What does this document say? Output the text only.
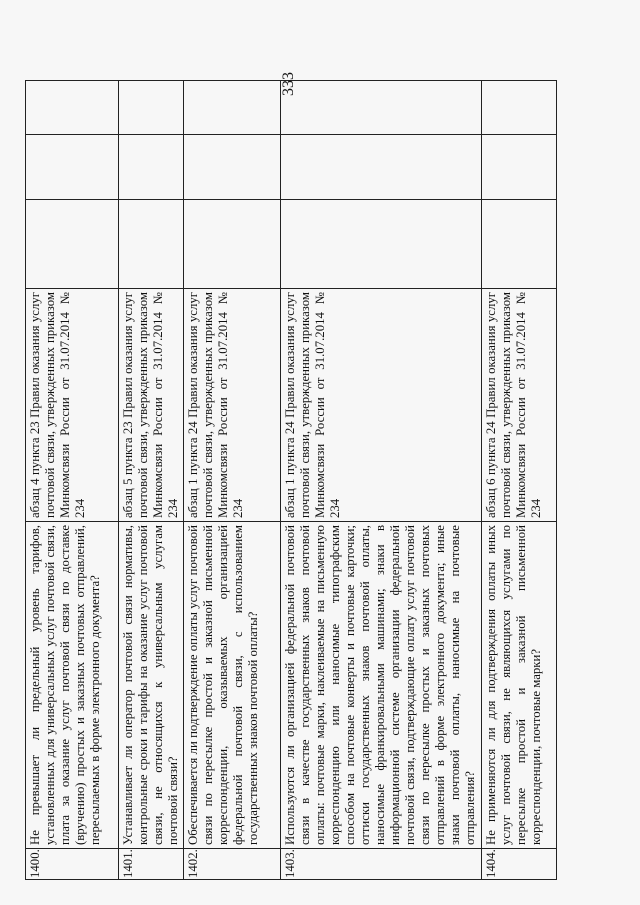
1400.	Не превышает ли предельный уровень тарифов, установленных для универсальных услуг почтовой связи, плата за оказание услуг почтовой связи по доставке (вручению) простых и заказных почтовых отправлений, пересылаемых в форме электронного документа?	абзац 4 пункта 23 Правил оказания услуг почтовой связи, утвержденных приказом Минкомсвязи России от 31.07.2014 № 234			
1401.	Устанавливает ли оператор почтовой связи нормативы, контрольные сроки и тарифы на оказание услуг почтовой связи, не относящихся к универсальным услугам почтовой связи?	абзац 5 пункта 23 Правил оказания услуг почтовой связи, утвержденных приказом Минкомсвязи России от 31.07.2014 № 234			
1402.	Обеспечивается ли подтверждение оплаты услуг почтовой связи по пересылке простой и заказной письменной корреспонденции, оказываемых организацией федеральной почтовой связи, с использованием государственных знаков почтовой оплаты?	абзац 1 пункта 24 Правил оказания услуг почтовой связи, утвержденных приказом Минкомсвязи России от 31.07.2014 № 234			
1403.	Используются ли организацией федеральной почтовой связи в качестве государственных знаков почтовой оплаты: почтовые марки, наклеиваемые на письменную корреспонденцию или наносимые типографским способом на почтовые конверты и почтовые карточки; оттиски государственных знаков почтовой оплаты, наносимые франкировальными машинами; знаки в информационной системе организации федеральной почтовой связи, подтверждающие оплату услуг почтовой связи по пересылке простых и заказных почтовых отправлений в форме электронного документа; иные знаки почтовой оплаты, наносимые на почтовые отправления?	абзац 1 пункта 24 Правил оказания услуг почтовой связи, утвержденных приказом Минкомсвязи России от 31.07.2014 № 234			
1404.	Не применяются ли для подтверждения оплаты иных услуг почтовой связи, не являющихся услугами по пересылке простой и заказной письменной корреспонденции, почтовые марки?	абзац 6 пункта 24 Правил оказания услуг почтовой связи, утвержденных приказом Минкомсвязи России от 31.07.2014 № 234			
333
